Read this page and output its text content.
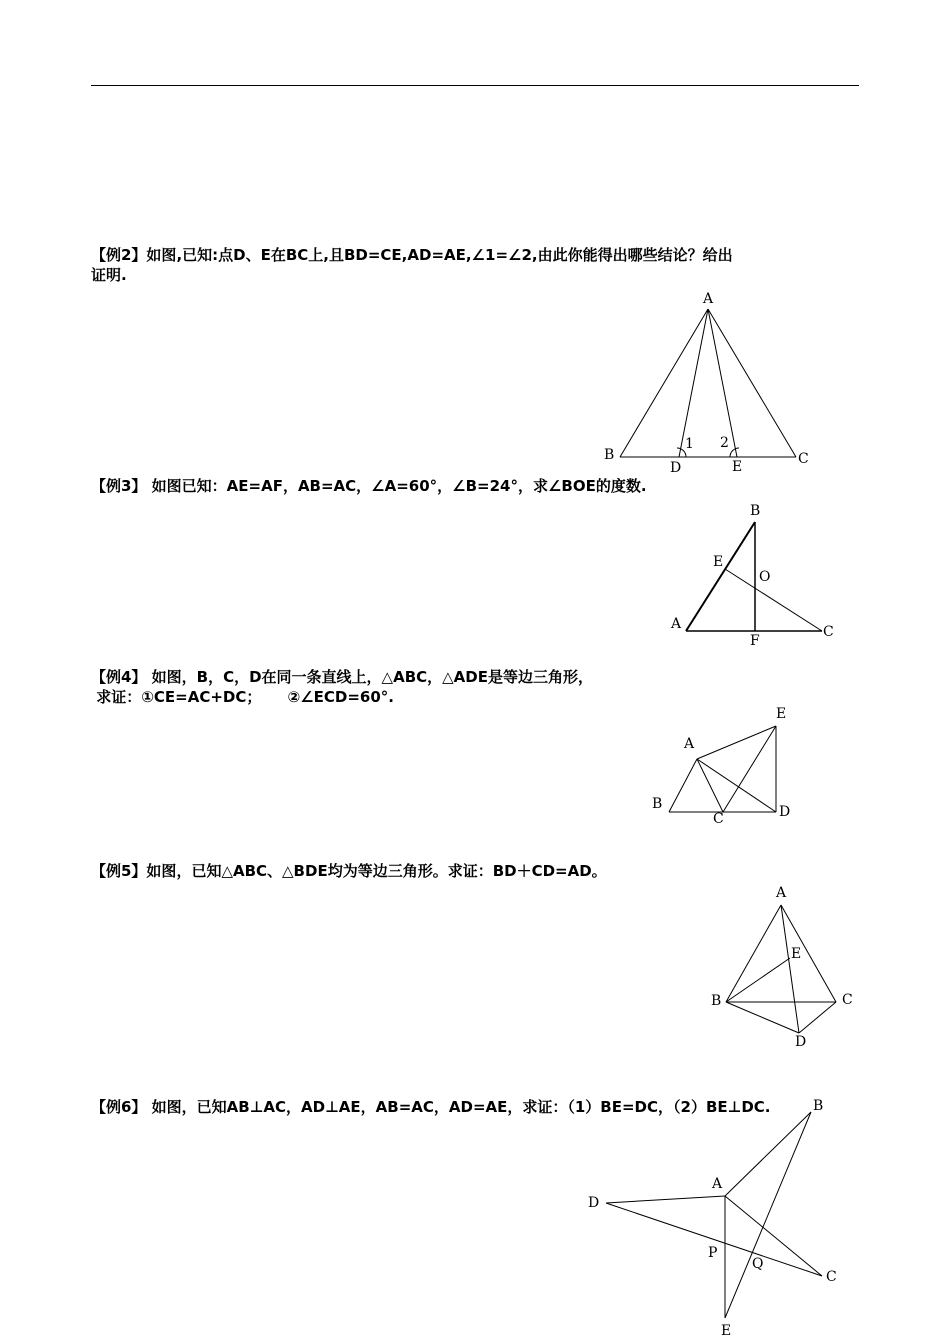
【例2】如图,已知:点D、E在BC上,且BD=CE,AD=AE,∠1=∠2,由此你能得出哪些结论？给出
证明.
【例3】 如图已知：AE=AF，AB=AC，∠A=60°，∠B=24°，求∠BOE的度数.
【例4】 如图，B，C，D在同一条直线上，△ABC，△ADE是等边三角形，
求证：①CE=AC+DC；     ②∠ECD=60°.
【例5】如图，已知△ABC、△BDE均为等边三角形。求证：BD＋CD=AD。
【例6】 如图，已知AB⊥AC，AD⊥AE，AB=AC，AD=AE，求证：（1）BE=DC，（2）BE⊥DC.
A
B	C
D	E
1 2
B
E
O
A	C
F
E
A
B
C	D
A
E
B	C
D
B
A
D
P
Q
C
E
